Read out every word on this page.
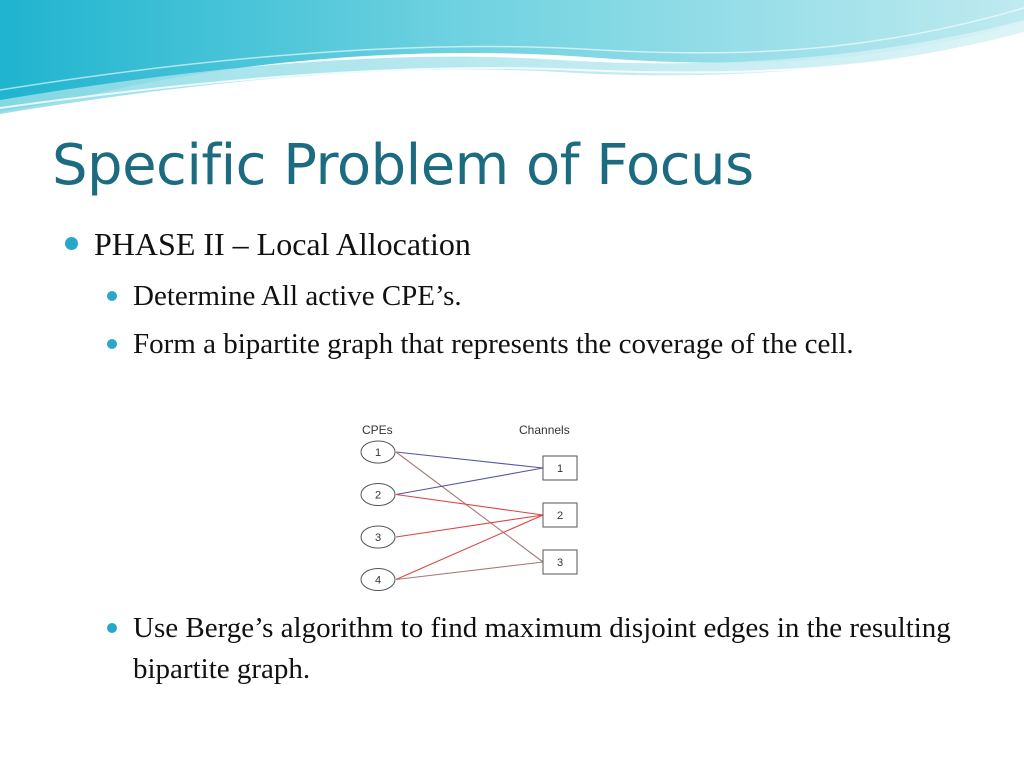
Specific Problem of Focus
PHASE II – Local Allocation
Determine All active CPE’s.
Form a bipartite graph that represents the coverage of the cell.
CPEs	Channels
1
2
3
4
1
2
3
Use Berge’s algorithm to find maximum disjoint edges in the resulting bipartite graph.
